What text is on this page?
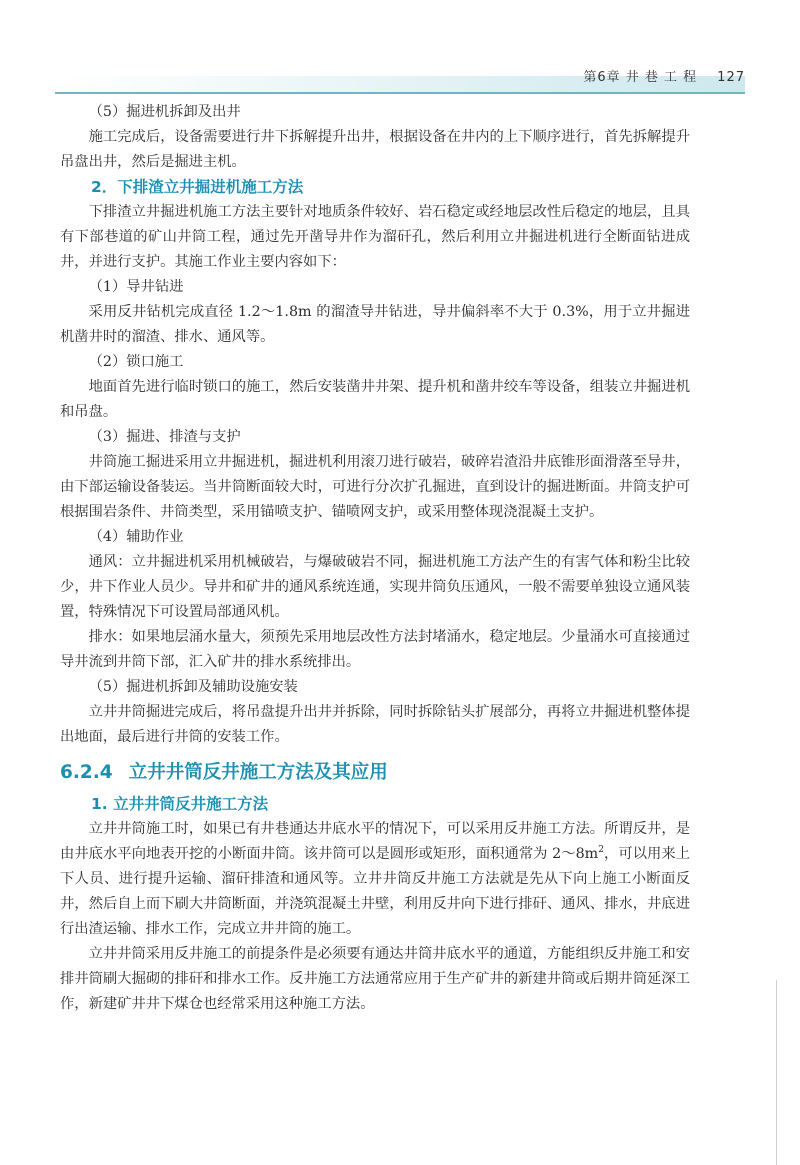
第6章 井 巷 工 程 127
（5）掘进机拆卸及出井
施工完成后，设备需要进行井下拆解提升出井，根据设备在井内的上下顺序进行，首先拆解提升吊盘出井，然后是掘进主机。
2．下排渣立井掘进机施工方法
下排渣立井掘进机施工方法主要针对地质条件较好、岩石稳定或经地层改性后稳定的地层，且具有下部巷道的矿山井筒工程，通过先开凿导井作为溜矸孔，然后利用立井掘进机进行全断面钻进成井，并进行支护。其施工作业主要内容如下：
（1）导井钻进
采用反井钻机完成直径 1.2～1.8m 的溜渣导井钻进，导井偏斜率不大于 0.3%，用于立井掘进机凿井时的溜渣、排水、通风等。
（2）锁口施工
地面首先进行临时锁口的施工，然后安装凿井井架、提升机和凿井绞车等设备，组装立井掘进机和吊盘。
（3）掘进、排渣与支护
井筒施工掘进采用立井掘进机，掘进机利用滚刀进行破岩，破碎岩渣沿井底锥形面滑落至导井，由下部运输设备装运。当井筒断面较大时，可进行分次扩孔掘进，直到设计的掘进断面。井筒支护可根据围岩条件、井筒类型，采用锚喷支护、锚喷网支护，或采用整体现浇混凝土支护。
（4）辅助作业
通风：立井掘进机采用机械破岩，与爆破破岩不同，掘进机施工方法产生的有害气体和粉尘比较少，井下作业人员少。导井和矿井的通风系统连通，实现井筒负压通风，一般不需要单独设立通风装置，特殊情况下可设置局部通风机。
排水：如果地层涌水量大，须预先采用地层改性方法封堵涌水，稳定地层。少量涌水可直接通过导井流到井筒下部，汇入矿井的排水系统排出。
（5）掘进机拆卸及辅助设施安装
立井井筒掘进完成后，将吊盘提升出井并拆除，同时拆除钻头扩展部分，再将立井掘进机整体提出地面，最后进行井筒的安装工作。
6.2.4 立井井筒反井施工方法及其应用
1. 立井井筒反井施工方法
立井井筒施工时，如果已有井巷通达井底水平的情况下，可以采用反井施工方法。所谓反井，是由井底水平向地表开挖的小断面井筒。该井筒可以是圆形或矩形，面积通常为 $2\sim 8m^2$，可以用来上下人员、进行提升运输、溜矸排渣和通风等。立井井筒反井施工方法就是先从下向上施工小断面反井，然后自上而下刷大井筒断面，并浇筑混凝土井壁，利用反井向下进行排矸、通风、排水，井底进行出渣运输、排水工作，完成立井井筒的施工。
立井井筒采用反井施工的前提条件是必须要有通达井筒井底水平的通道，方能组织反井施工和安排井筒刷大掘砌的排矸和排水工作。反井施工方法通常应用于生产矿井的新建井筒或后期井筒延深工作，新建矿井井下煤仓也经常采用这种施工方法。
